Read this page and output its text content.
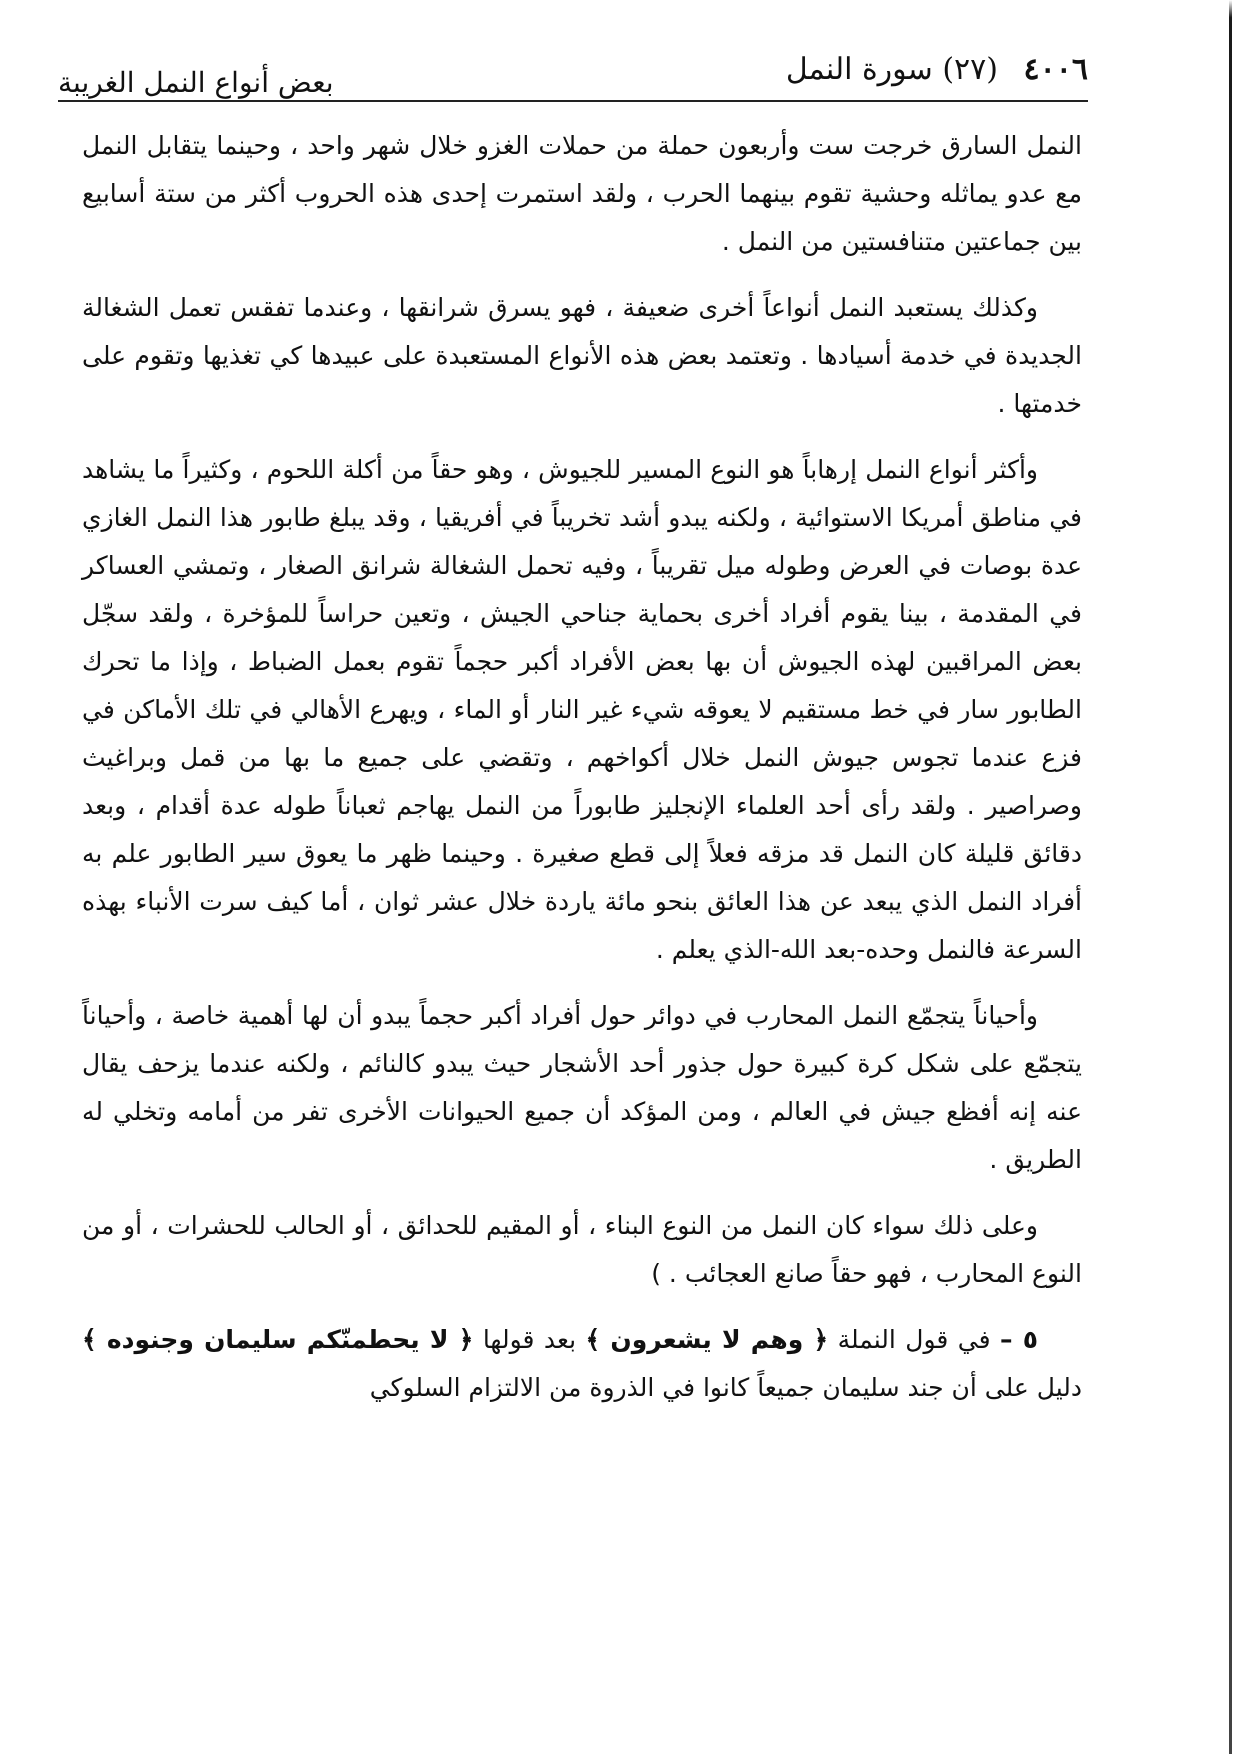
٤٠٠٦ (٢٧) سورة النمل
بعض أنواع النمل الغريبة

النمل السارق خرجت ست وأربعون حملة من حملات الغزو خلال شهر واحد ، وحينما يتقابل النمل مع عدو يماثله وحشية تقوم بينهما الحرب ، ولقد استمرت إحدى هذه الحروب أكثر من ستة أسابيع بين جماعتين متنافستين من النمل .

وكذلك يستعبد النمل أنواعاً أخرى ضعيفة ، فهو يسرق شرانقها ، وعندما تفقس تعمل الشغالة الجديدة في خدمة أسيادها . وتعتمد بعض هذه الأنواع المستعبدة على عبيدها كي تغذيها وتقوم على خدمتها .

وأكثر أنواع النمل إرهاباً هو النوع المسير للجيوش ، وهو حقاً من أكلة اللحوم ، وكثيراً ما يشاهد في مناطق أمريكا الاستوائية ، ولكنه يبدو أشد تخريباً في أفريقيا ، وقد يبلغ طابور هذا النمل الغازي عدة بوصات في العرض وطوله ميل تقريباً ، وفيه تحمل الشغالة شرانق الصغار ، وتمشي العساكر في المقدمة ، بينا يقوم أفراد أخرى بحماية جناحي الجيش ، وتعين حراساً للمؤخرة ، ولقد سجّل بعض المراقبين لهذه الجيوش أن بها بعض الأفراد أكبر حجماً تقوم بعمل الضباط ، وإذا ما تحرك الطابور سار في خط مستقيم لا يعوقه شيء غير النار أو الماء ، ويهرع الأهالي في تلك الأماكن في فزع عندما تجوس جيوش النمل خلال أكواخهم ، وتقضي على جميع ما بها من قمل وبراغيث وصراصير . ولقد رأى أحد العلماء الإنجليز طابوراً من النمل يهاجم ثعباناً طوله عدة أقدام ، وبعد دقائق قليلة كان النمل قد مزقه فعلاً إلى قطع صغيرة . وحينما ظهر ما يعوق سير الطابور علم به أفراد النمل الذي يبعد عن هذا العائق بنحو مائة ياردة خلال عشر ثوان ، أما كيف سرت الأنباء بهذه السرعة فالنمل وحده-بعد الله-الذي يعلم .

وأحياناً يتجمّع النمل المحارب في دوائر حول أفراد أكبر حجماً يبدو أن لها أهمية خاصة ، وأحياناً يتجمّع على شكل كرة كبيرة حول جذور أحد الأشجار حيث يبدو كالنائم ، ولكنه عندما يزحف يقال عنه إنه أفظع جيش في العالم ، ومن المؤكد أن جميع الحيوانات الأخرى تفر من أمامه وتخلي له الطريق .

وعلى ذلك سواء كان النمل من النوع البناء ، أو المقيم للحدائق ، أو الحالب للحشرات ، أو من النوع المحارب ، فهو حقاً صانع العجائب . )

٥ – في قول النملة ﴿ وهم لا يشعرون ﴾ بعد قولها ﴿ لا يحطمنّكم سليمان وجنوده ﴾ دليل على أن جند سليمان جميعاً كانوا في الذروة من الالتزام السلوكي
